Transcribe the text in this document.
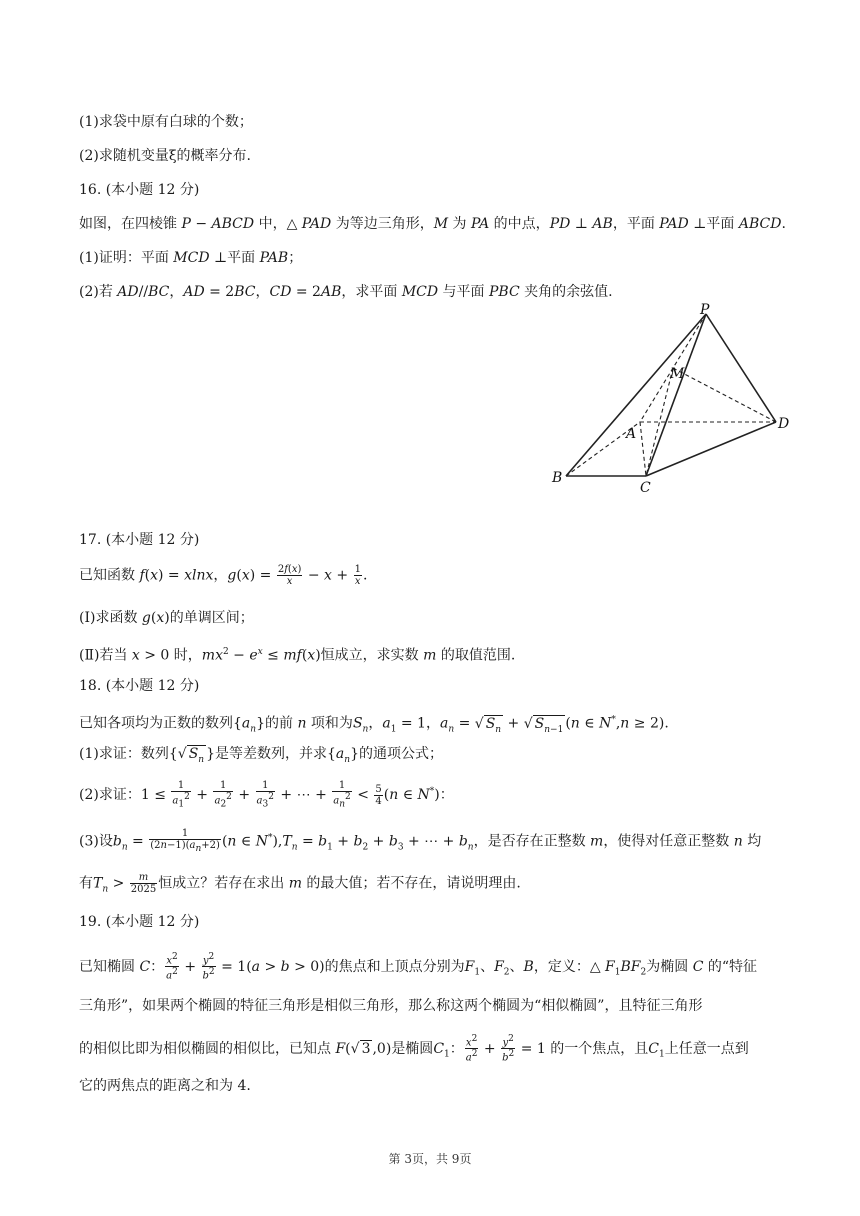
(1)求袋中原有白球的个数；
(2)求随机变量ξ的概率分布.
16. (本小题 12 分)
如图，在四棱锥 P − ABCD 中，△ PAD 为等边三角形，M 为 PA 的中点，PD ⊥ AB，平面 PAD ⊥平面 ABCD.
(1)证明：平面 MCD ⊥平面 PAB；
(2)若 AD//BC，AD = 2BC，CD = 2AB，求平面 MCD 与平面 PBC 夹角的余弦值.
P
M
A
D
B
C
17. (本小题 12 分)
已知函数 f(x) = xlnx，$g(x) = \frac{2f(x)}{x} - x + \frac{1}{x}$ .
(Ⅰ)求函数 g(x)的单调区间；
(Ⅱ)若当 x > 0 时，$mx^2 - e^x \le mf(x)$恒成立，求实数 m 的取值范围.
18. (本小题 12 分)
已知各项均为正数的数列$\{a_n\}$的前 n 项和为$S_n$，$a_1 = 1$，$a_n$ = √ $S_n$ + √ $S_{n-1}$ (n ∈ N*,n ≥ 2).
(1)求证：数列{√ $S_n$ }是等差数列，并求$\{a_n\}$的通项公式；
(2)求证：$1 \le \frac{1}{a_1^2} + \frac{1}{a_2^2} + \frac{1}{a_3^2}$ + ⋯ + $\frac{1}{a_n^2} < \frac{5}{4} (n$ ∈ N*)：
(3)设$b_n = \frac{1}{(2n-1)(a_n+2)} (n$ ∈ $N^*),T_n = b_1 + b_2 + b_3$ + ⋯ + $b_n$，是否存在正整数 m，使得对任意正整数 n 均
有$T_n > \frac{m}{2025}$ 恒成立？若存在求出 m 的最大值；若不存在，请说明理由.
19. (本小题 12 分)
已知椭圆 C： $\frac{x^2}{a^2} + \frac{y^2}{b^2} = 1(a > b > 0)$的焦点和上顶点分别为$F_1$、$F_2$、B，定义：△ $F_1BF_2$为椭圆 C 的“特征
三角形”，如果两个椭圆的特征三角形是相似三角形，那么称这两个椭圆为“相似椭圆”，且特征三角形
的相似比即为相似椭圆的相似比，已知点 F(√ 3 ,0)是椭圆$C_1$： $\frac{x^2}{a^2} + \frac{y^2}{b^2} = 1$ 的一个焦点，且$C_1$上任意一点到
它的两焦点的距离之和为 4.
第 3页，共 9页
